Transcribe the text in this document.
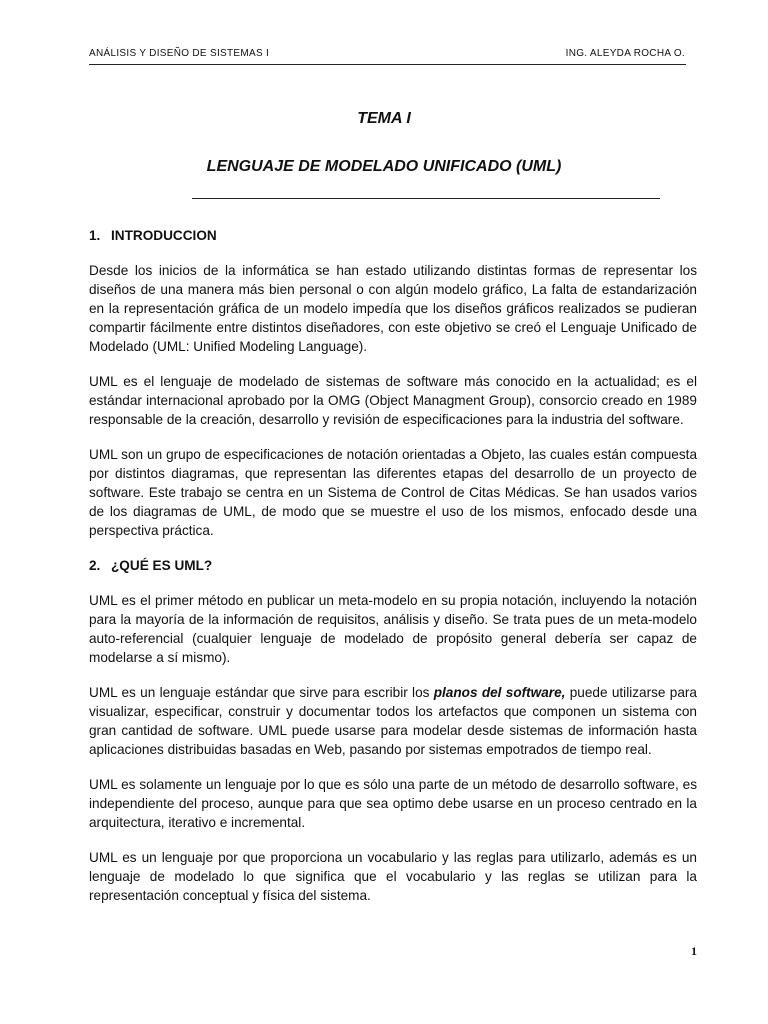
ANÁLISIS Y DISEÑO DE SISTEMAS I	ING. ALEYDA ROCHA O.
TEMA I
LENGUAJE DE MODELADO UNIFICADO (UML)
1. INTRODUCCION

Desde los inicios de la informática se han estado utilizando distintas formas de representar los diseños de una manera más bien personal o con algún modelo gráfico, La falta de estandarización en la representación gráfica de un modelo impedía que los diseños gráficos realizados se pudieran compartir fácilmente entre distintos diseñadores, con este objetivo se creó el Lenguaje Unificado de Modelado (UML: Unified Modeling Language).

UML es el lenguaje de modelado de sistemas de software más conocido en la actualidad; es el estándar internacional aprobado por la OMG (Object Managment Group), consorcio creado en 1989 responsable de la creación, desarrollo y revisión de especificaciones para la industria del software.

UML son un grupo de especificaciones de notación orientadas a Objeto, las cuales están compuesta por distintos diagramas, que representan las diferentes etapas del desarrollo de un proyecto de software. Este trabajo se centra en un Sistema de Control de Citas Médicas. Se han usados varios de los diagramas de UML, de modo que se muestre el uso de los mismos, enfocado desde una perspectiva práctica.

2. ¿QUÉ ES UML?

UML es el primer método en publicar un meta-modelo en su propia notación, incluyendo la notación para la mayoría de la información de requisitos, análisis y diseño. Se trata pues de un meta-modelo auto-referencial (cualquier lenguaje de modelado de propósito general debería ser capaz de modelarse a sí mismo).

UML es un lenguaje estándar que sirve para escribir los planos del software, puede utilizarse para visualizar, especificar, construir y documentar todos los artefactos que componen un sistema con gran cantidad de software. UML puede usarse para modelar desde sistemas de información hasta aplicaciones distribuidas basadas en Web, pasando por sistemas empotrados de tiempo real.

UML es solamente un lenguaje por lo que es sólo una parte de un método de desarrollo software, es independiente del proceso, aunque para que sea optimo debe usarse en un proceso centrado en la arquitectura, iterativo e incremental.

UML es un lenguaje por que proporciona un vocabulario y las reglas para utilizarlo, además es un lenguaje de modelado lo que significa que el vocabulario y las reglas se utilizan para la representación conceptual y física del sistema.

1
